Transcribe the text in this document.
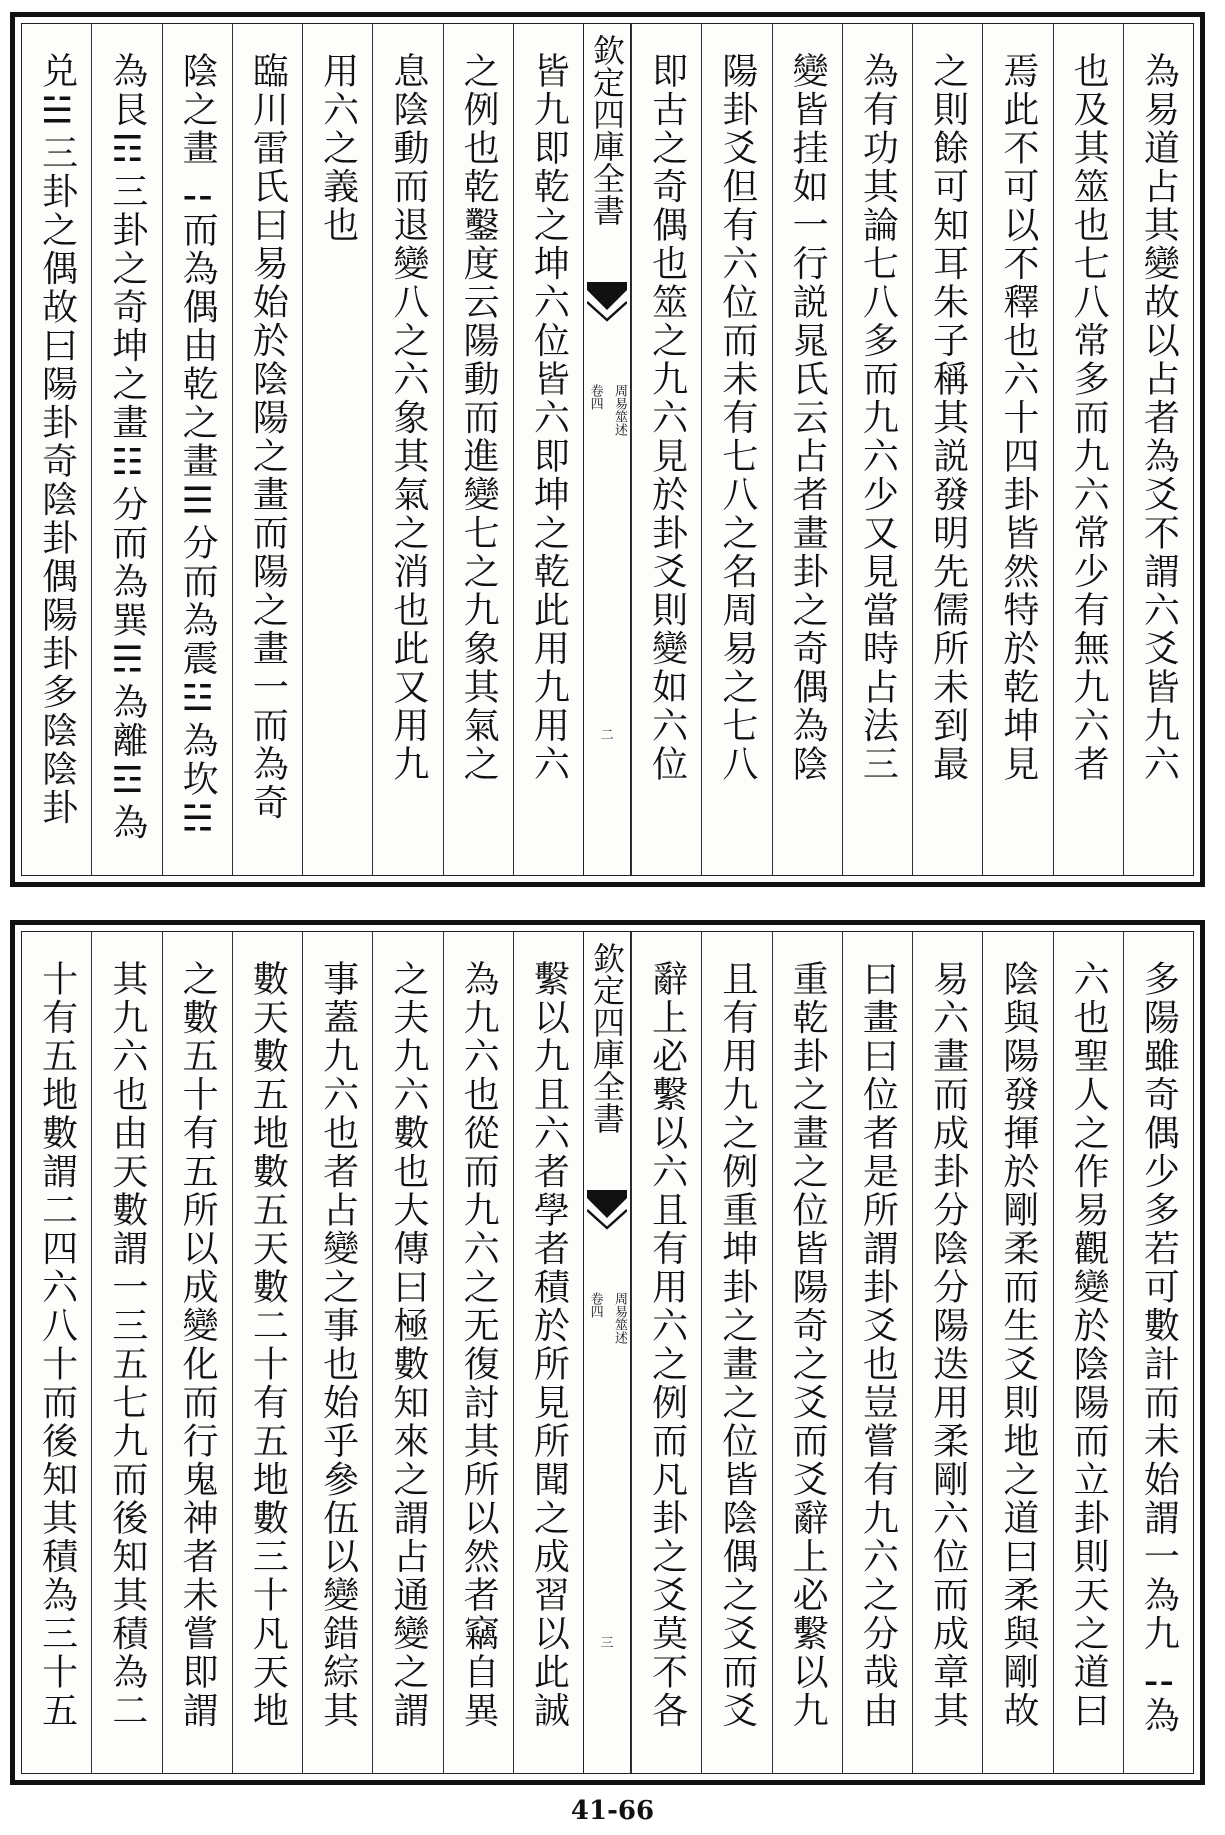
為易道占其變故以占者為爻不謂六爻皆九六
也及其筮也七八常多而九六常少有無九六者
焉此不可以不釋也六十四卦皆然特於乾坤見
之則餘可知耳朱子稱其説發明先儒所未到最
為有功其論七八多而九六少又見當時占法三
變皆挂如一行説晁氏云占者畫卦之奇偶為陰
陽卦爻但有六位而未有七八之名周易之七八
即古之奇偶也筮之九六見於卦爻則變如六位
欽定四庫全書
周易筮述
卷四
二
皆九即乾之坤六位皆六即坤之乾此用九用六
之例也乾鑿度云陽動而進變七之九象其氣之
息陰動而退變八之六象其氣之消也此又用九
用六之義也
臨川雷氏曰易始於陰陽之畫而陽之畫一而為奇
陰之畫⚋而為偶由乾之畫☰分而為震☳為坎☵
為艮☶三卦之奇坤之畫☷分而為巽☴為離☲為
兑☱三卦之偶故曰陽卦奇陰卦偶陽卦多陰陰卦
多陽雖奇偶少多若可數計而未始謂一為九⚋為
六也聖人之作易觀變於陰陽而立卦則天之道曰
陰與陽發揮於剛柔而生爻則地之道曰柔與剛故
易六畫而成卦分陰分陽迭用柔剛六位而成章其
曰畫曰位者是所謂卦爻也豈嘗有九六之分哉由
重乾卦之畫之位皆陽奇之爻而爻辭上必繫以九
且有用九之例重坤卦之畫之位皆陰偶之爻而爻
辭上必繫以六且有用六之例而凡卦之爻莫不各
欽定四庫全書
周易筮述
卷四
三
繫以九且六者學者積於所見所聞之成習以此誠
為九六也從而九六之无復討其所以然者竊自異
之夫九六數也大傳曰極數知來之謂占通變之謂
事蓋九六也者占變之事也始乎參伍以變錯綜其
數天數五地數五天數二十有五地數三十凡天地
之數五十有五所以成變化而行鬼神者未嘗即謂
其九六也由天數謂一三五七九而後知其積為二
十有五地數謂二四六八十而後知其積為三十五
41-66
